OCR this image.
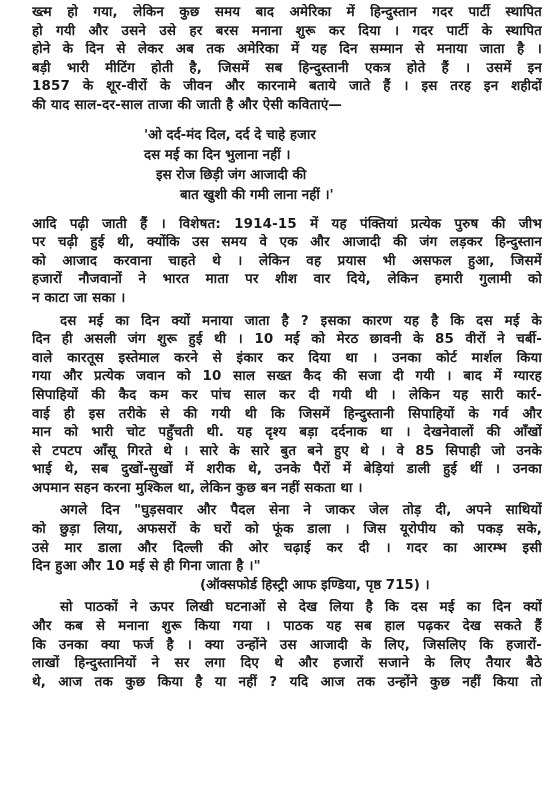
ख्त्म हो गया, लेकिन कुछ समय बाद अमेरिका में हिन्दुस्तान गदर पार्टी स्थापित
हो गयी और उसने उसे हर बरस मनाना शुरू कर दिया । गदर पार्टी के स्थापित
होने के दिन से लेकर अब तक अमेरिका में यह दिन सम्मान से मनाया जाता है ।
बड़ी भारी मीटिंग होती है, जिसमें सब हिन्दुस्तानी एकत्र होते हैं । उसमें इन
1857 के शूर-वीरों के जीवन और कारनामे बताये जाते हैं । इस तरह इन शहीदों
की याद साल-दर-साल ताजा की जाती है और ऐसी कविताएं—
'ओ दर्द-मंद दिल, दर्द दे चाहे हजार
दस मई का दिन भुलाना नहीं ।
इस रोज छिड़ी जंग आजादी की
बात खुशी की गमी लाना नहीं ।'
आदि पढ़ी जाती हैं । विशेषत: 1914-15 में यह पंक्तियां प्रत्येक पुरुष की जीभ
पर चढ़ी हुई थी, क्योंकि उस समय वे एक और आजादी की जंग लड़कर हिन्दुस्तान
को आजाद करवाना चाहते थे । लेकिन वह प्रयास भी असफल हुआ, जिसमें
हजारों नौजवानों ने भारत माता पर शीश वार दिये, लेकिन हमारी गुलामी को
न काटा जा सका ।
दस मई का दिन क्यों मनाया जाता है ? इसका कारण यह है कि दस मई के
दिन ही असली जंग शुरू हुई थी । 10 मई को मेरठ छावनी के 85 वीरों ने चर्बी-
वाले कारतूस इस्तेमाल करने से इंकार कर दिया था । उनका कोर्ट मार्शल किया
गया और प्रत्येक जवान को 10 साल सख्त कैद की सजा दी गयी । बाद में ग्यारह
सिपाहियों की कैद कम कर पांच साल कर दी गयी थी । लेकिन यह सारी कार्र-
वाई ही इस तरीके से की गयी थी कि जिसमें हिन्दुस्तानी सिपाहियों के गर्व और
मान को भारी चोट पहुँचती थी. यह दृश्य बड़ा दर्दनाक था । देखनेवालों की आँखों
से टपटप आँसू गिरते थे । सारे के सारे बुत बने हुए थे । वे 85 सिपाही जो उनके
भाई थे, सब दुखों-सुखों में शरीक थे, उनके पैरों में बेड़ियां डाली हुई थीं । उनका
अपमान सहन करना मुश्किल था, लेकिन कुछ बन नहीं सकता था ।
अगले दिन "घुड़सवार और पैदल सेना ने जाकर जेल तोड़ दी, अपने साथियों
को छुड़ा लिया, अफसरों के घरों को फूंक डाला । जिस यूरोपीय को पकड़ सके,
उसे मार डाला और दिल्ली की ओर चढ़ाई कर दी । गदर का आरम्भ इसी
दिन हुआ और 10 मई से ही गिना जाता है ।"
(ऑक्सफोर्ड हिस्ट्री आफ इण्डिया, पृष्ठ 715) ।
सो पाठकों ने ऊपर लिखी घटनाओं से देख लिया है कि दस मई का दिन क्यों
और कब से मनाना शुरू किया गया । पाठक यह सब हाल पढ़कर देख सकते हैं
कि उनका क्या फर्ज है । क्या उन्होंने उस आजादी के लिए, जिसलिए कि हजारों-
लाखों हिन्दुस्तानियों ने सर लगा दिए थे और हजारों सजाने के लिए तैयार बैठे
थे, आज तक कुछ किया है या नहीं ? यदि आज तक उन्होंने कुछ नहीं किया तो
